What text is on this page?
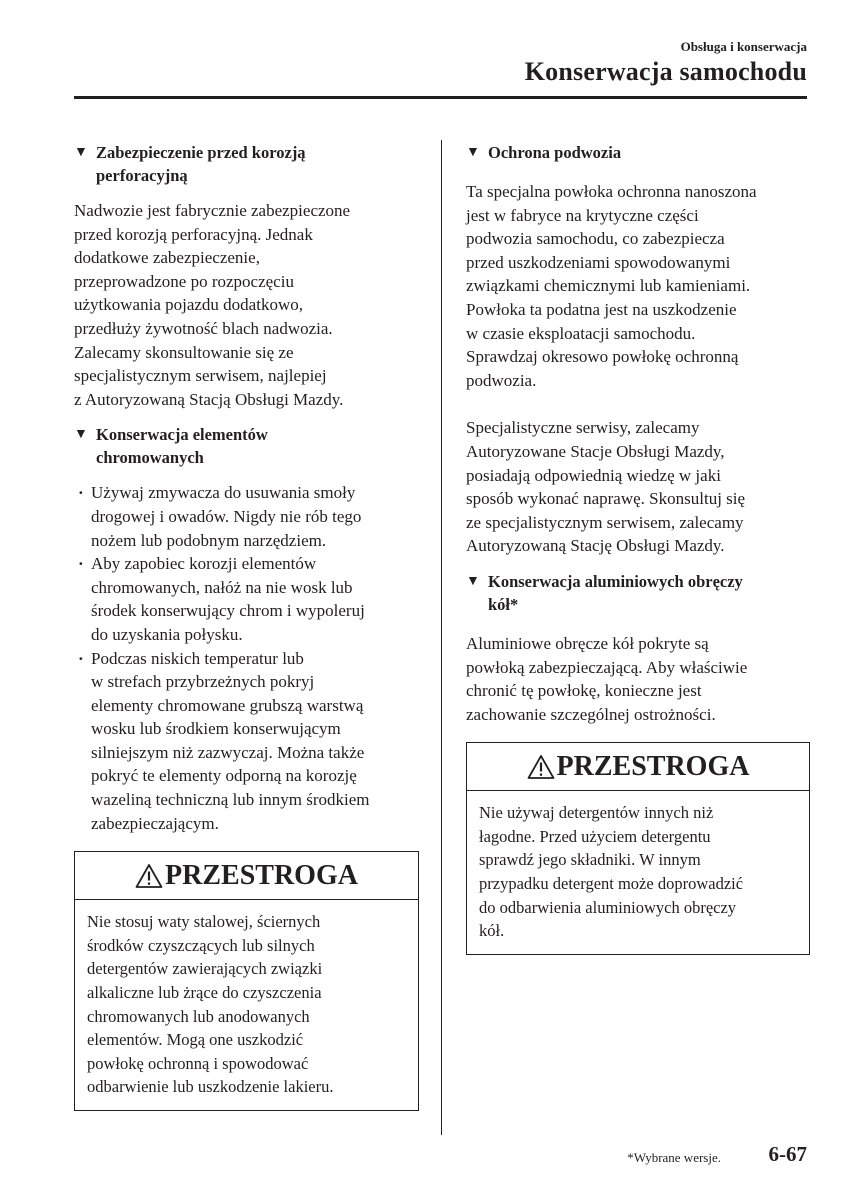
Obsługa i konserwacja
Konserwacja samochodu
▼ Zabezpieczenie przed korozją
perforacyjną

Nadwozie jest fabrycznie zabezpieczone
przed korozją perforacyjną. Jednak
dodatkowe zabezpieczenie,
przeprowadzone po rozpoczęciu
użytkowania pojazdu dodatkowo,
przedłuży żywotność blach nadwozia.
Zalecamy skonsultowanie się ze
specjalistycznym serwisem, najlepiej
z Autoryzowaną Stacją Obsługi Mazdy.

▼ Konserwacja elementów
chromowanych
· Używaj zmywacza do usuwania smoły
drogowej i owadów. Nigdy nie rób tego
nożem lub podobnym narzędziem.
· Aby zapobiec korozji elementów
chromowanych, nałóż na nie wosk lub
środek konserwujący chrom i wypoleruj
do uzyskania połysku.
· Podczas niskich temperatur lub
w strefach przybrzeżnych pokryj
elementy chromowane grubszą warstwą
wosku lub środkiem konserwującym
silniejszym niż zazwyczaj. Można także
pokryć te elementy odporną na korozję
wazeliną techniczną lub innym środkiem
zabezpieczającym.
PRZESTROGA
Nie stosuj waty stalowej, ściernych
środków czyszczących lub silnych
detergentów zawierających związki
alkaliczne lub żrące do czyszczenia
chromowanych lub anodowanych
elementów. Mogą one uszkodzić
powłokę ochronną i spowodować
odbarwienie lub uszkodzenie lakieru.
▼ Ochrona podwozia

Ta specjalna powłoka ochronna nanoszona
jest w fabryce na krytyczne części
podwozia samochodu, co zabezpiecza
przed uszkodzeniami spowodowanymi
związkami chemicznymi lub kamieniami.
Powłoka ta podatna jest na uszkodzenie
w czasie eksploatacji samochodu.
Sprawdzaj okresowo powłokę ochronną
podwozia.

Specjalistyczne serwisy, zalecamy
Autoryzowane Stacje Obsługi Mazdy,
posiadają odpowiednią wiedzę w jaki
sposób wykonać naprawę. Skonsultuj się
ze specjalistycznym serwisem, zalecamy
Autoryzowaną Stację Obsługi Mazdy.

▼ Konserwacja aluminiowych obręczy
kół*

Aluminiowe obręcze kół pokryte są
powłoką zabezpieczającą. Aby właściwie
chronić tę powłokę, konieczne jest
zachowanie szczególnej ostrożności.

PRZESTROGA
Nie używaj detergentów innych niż
łagodne. Przed użyciem detergentu
sprawdź jego składniki. W innym
przypadku detergent może doprowadzić
do odbarwienia aluminiowych obręczy
kół.
*Wybrane wersje. 6-67
